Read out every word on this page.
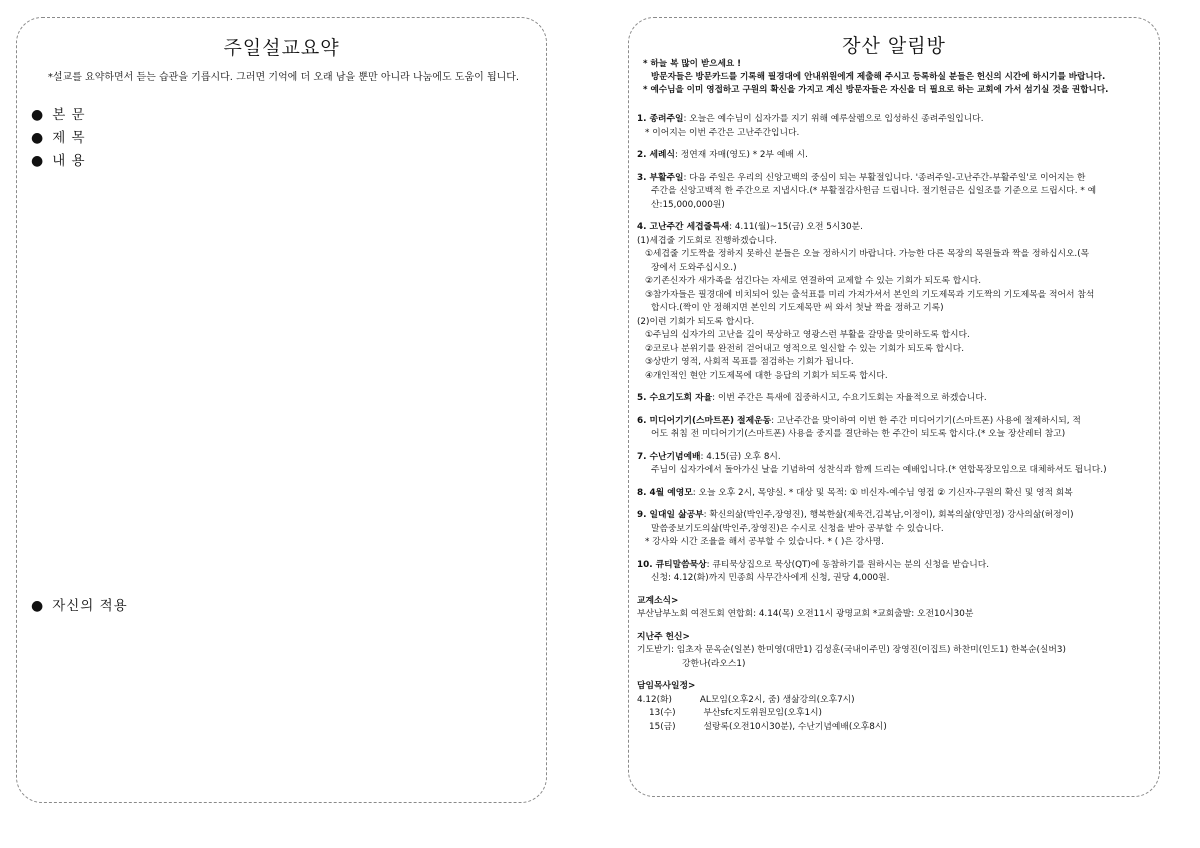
주일설교요약
*설교를 요약하면서 듣는 습관을 기릅시다. 그러면 기억에 더 오래 남을 뿐만 아니라 나눔에도 도움이 됩니다.
● 본 문
● 제 목
● 내 용
● 자신의 적용
장산 알림방

* 하늘 복 많이 받으세요 !

방문자들은 방문카드를 기록해 필경대에 안내위원에게 제출해 주시고 등록하실 분들은 헌신의 시간에 하시기를 바랍니다.

* 예수님을 이미 영접하고 구원의 확신을 가지고 계신 방문자들은 자신을 더 필요로 하는 교회에 가서 섬기실 것을 권합니다.

1. 종려주일: 오늘은 예수님이 십자가를 지기 위해 예루살렘으로 입성하신 종려주일입니다.

* 이어지는 이번 주간은 고난주간입니다.

2. 세례식: 정연재 자매(영도) * 2부 예배 시.

3. 부활주일: 다음 주일은 우리의 신앙고백의 중심이 되는 부활절입니다. '종려주일-고난주간-부활주일'로 이어지는 한

주간을 신앙고백적 한 주간으로 지냅시다.(* 부활절감사헌금 드립니다. 절기헌금은 십일조를 기준으로 드립시다. * 예

산:15,000,000원)

4. 고난주간 세겹줄특새: 4.11(월)~15(금) 오전 5시30분.

(1)세겹줄 기도회로 진행하겠습니다.

①세겹줄 기도짝을 정하지 못하신 분들은 오늘 정하시기 바랍니다. 가능한 다른 목장의 목원들과 짝을 정하십시오.(목

장에서 도와주십시오.)

②기존신자가 새가족을 섬긴다는 자세로 연결하여 교제할 수 있는 기회가 되도록 합시다.

③참가자들은 필경대에 비치되어 있는 출석표를 미리 가져가셔서 본인의 기도제목과 기도짝의 기도제목을 적어서 참석

합시다.(짝이 안 정해지면 본인의 기도제목만 써 와서 첫날 짝을 정하고 기록)

(2)이런 기회가 되도록 합시다.

①주님의 십자가의 고난을 깊이 묵상하고 영광스런 부활을 갈망을 맞이하도록 합시다.

②코로나 분위기를 완전히 걷어내고 영적으로 일신할 수 있는 기회가 되도록 합시다.

③상반기 영적, 사회적 목표를 점검하는 기회가 됩니다.

④개인적인 현안 기도제목에 대한 응답의 기회가 되도록 합시다.

5. 수요기도회 자율: 이번 주간은 특새에 집중하시고, 수요기도회는 자율적으로 하겠습니다.

6. 미디어기기(스마트폰) 절제운동: 고난주간을 맞이하여 이번 한 주간 미디어기기(스마트폰) 사용에 절제하시되, 적

어도 취침 전 미디어기기(스마트폰) 사용을 중지를 결단하는 한 주간이 되도록 합시다.(* 오늘 장산레터 참고)

7. 수난기념예배: 4.15(금) 오후 8시.

주님이 십자가에서 돌아가신 날을 기념하여 성찬식과 함께 드리는 예배입니다.(* 연합목장모임으로 대체하셔도 됩니다.)

8. 4월 예영모: 오늘 오후 2시, 목양실. * 대상 및 목적: ① 비신자-예수님 영접 ② 기신자-구원의 확신 및 영적 회복

9. 일대일 삶공부: 확신의삶(박인주,장영진), 행복한삶(제욱건,김복남,이정이), 회복의삶(양민정) 강사의삶(허정이)

말씀중보기도의삶(박인주,장영진)은 수시로 신청을 받아 공부할 수 있습니다.

* 강사와 시간 조율을 해서 공부할 수 있습니다. * ( )은 강사명.

10. 큐티말씀묵상: 큐티묵상집으로 묵상(QT)에 동참하기를 원하시는 분의 신청을 받습니다.

신청: 4.12(화)까지 민종희 사무간사에게 신청, 권당 4,000원.

교계소식>

부산남부노회 여전도회 연합회: 4.14(목) 오전11시 광명교회 *교회출발: 오전10시30분

지난주 헌신>

기도받기: 임초자 문옥순(일본) 한미영(대만1) 김성훈(국내이주민) 장영진(이집트) 하찬미(인도1) 한복순(실버3)

강한나(라오스1)

담임목사일정>

4.12(화)          AL모임(오후2시, 줌) 생삶강의(오후7시)

13(수)          부산sfc지도위원모임(오후1시)

15(금)          설랑록(오전10시30분), 수난기념예배(오후8시)
